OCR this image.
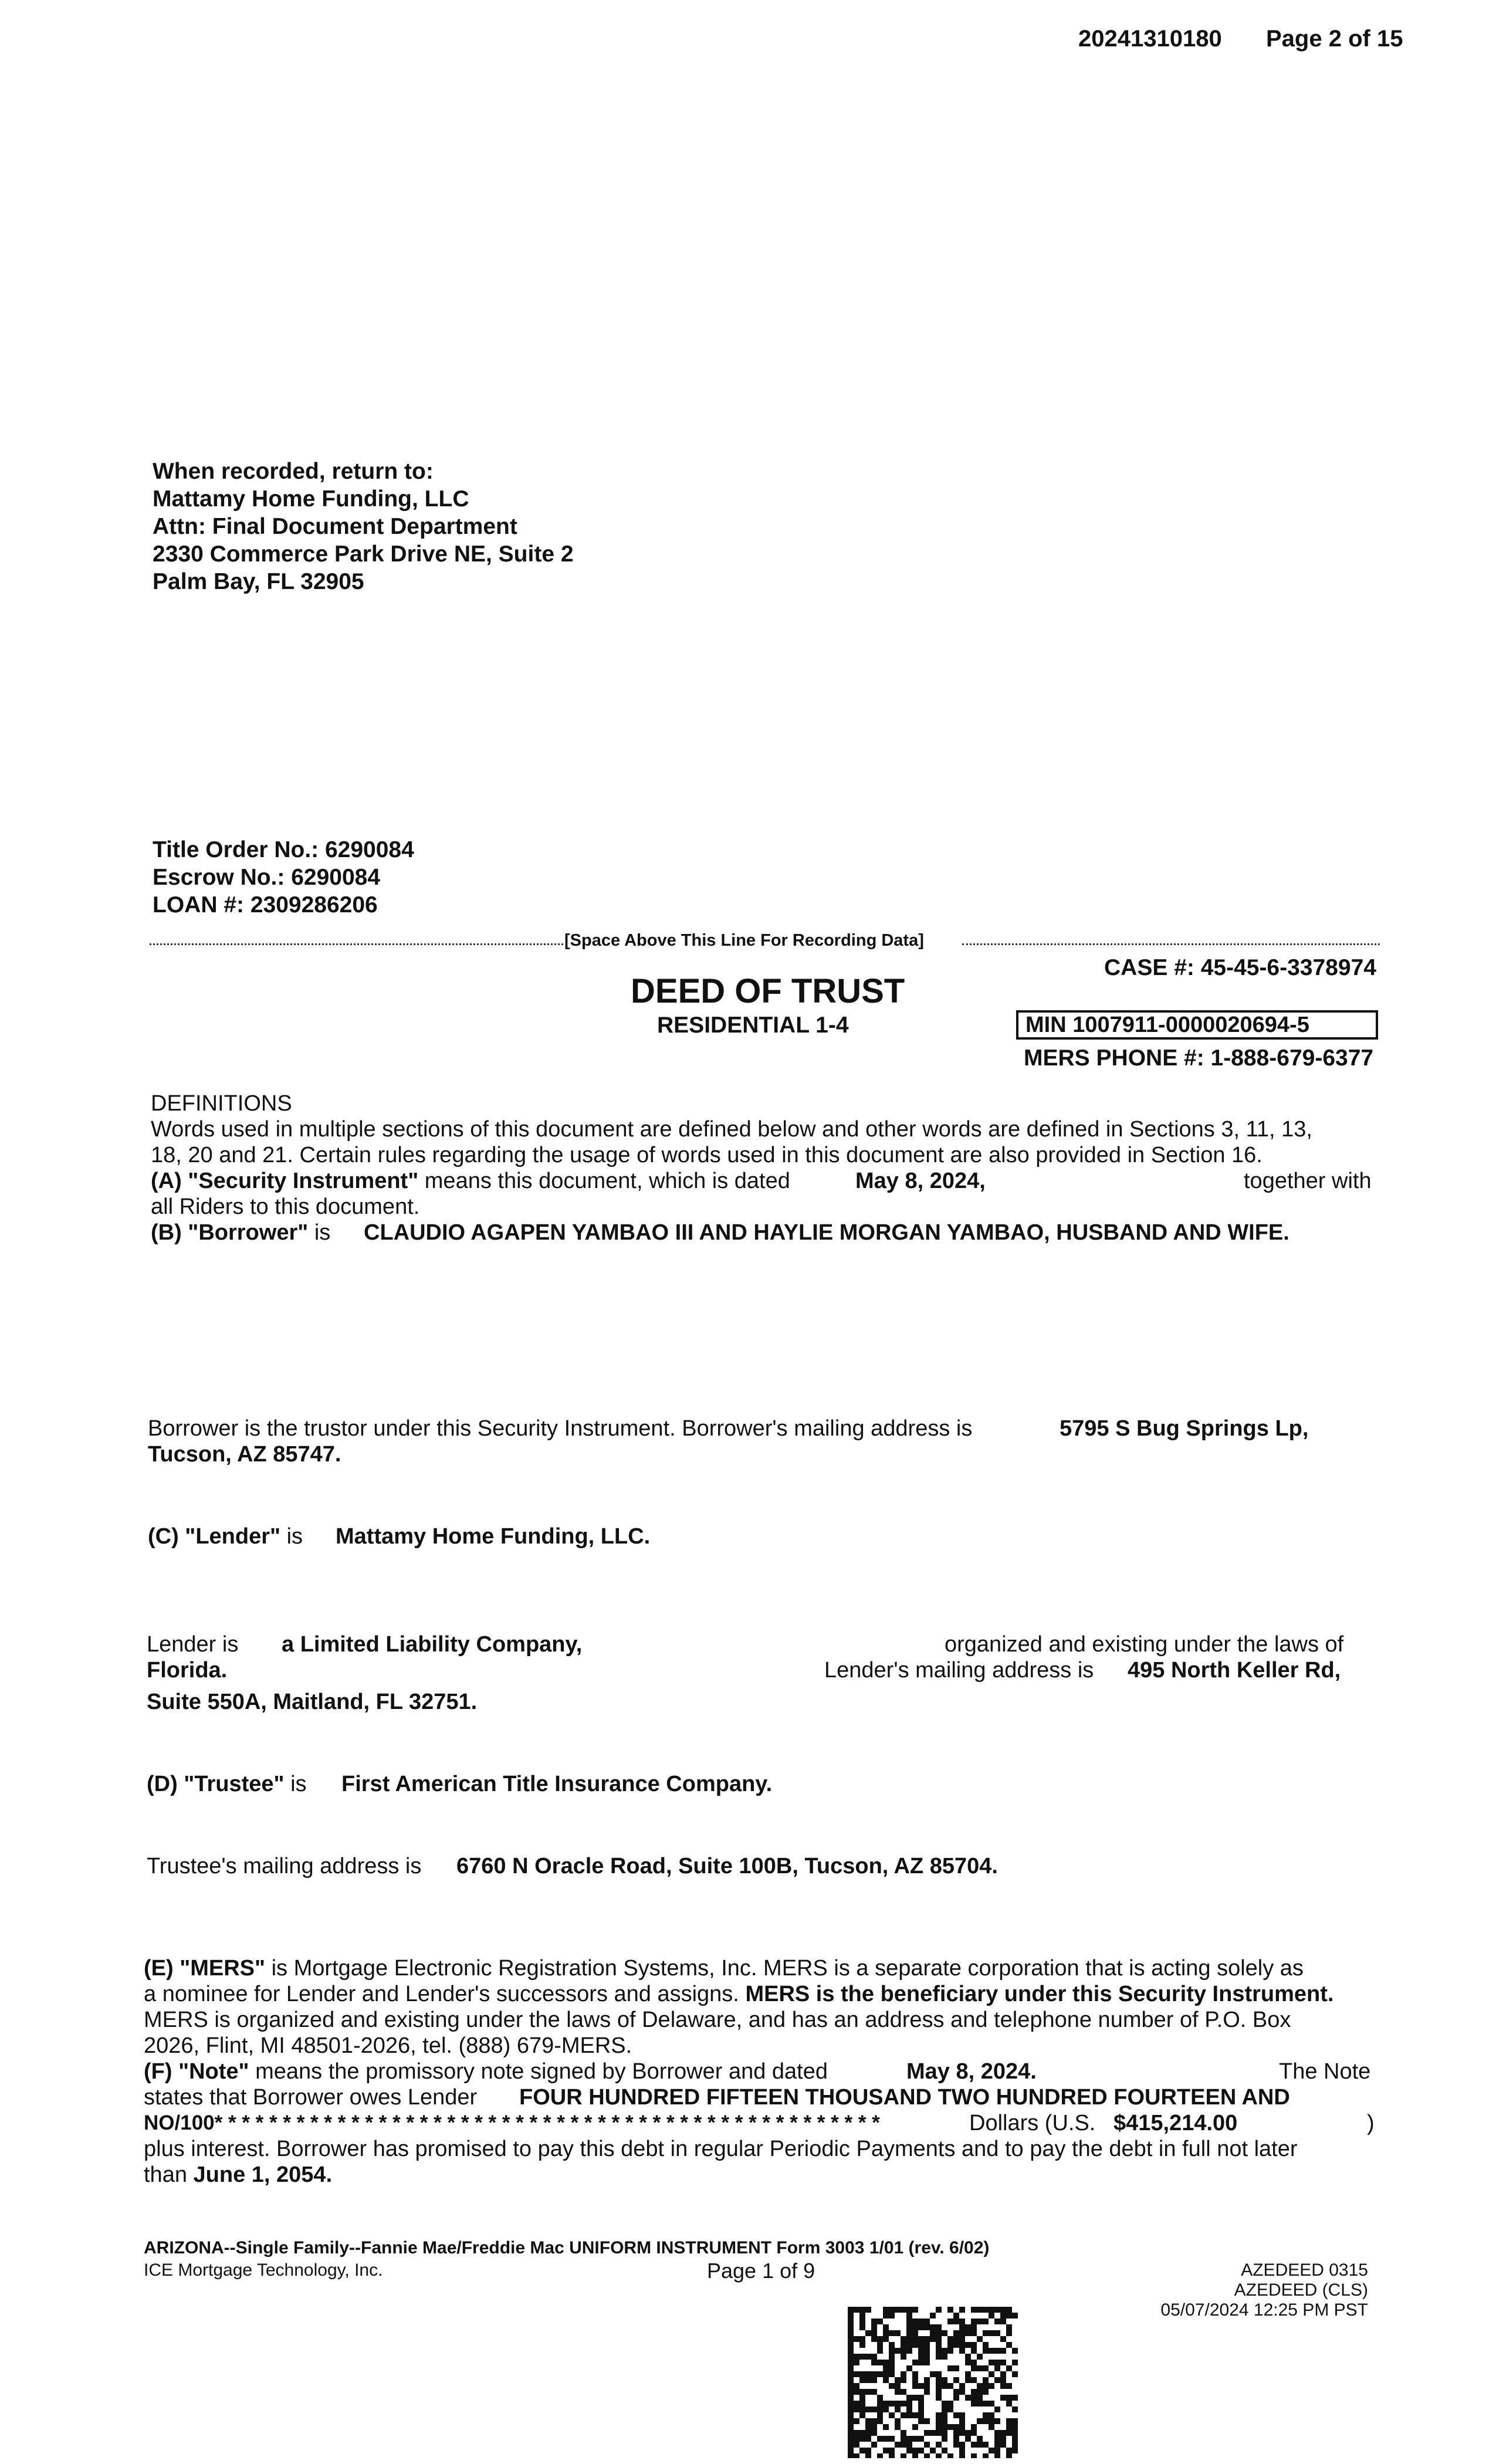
20241310180 Page 2 of 15
When recorded, return to:
Mattamy Home Funding, LLC
Attn: Final Document Department
2330 Commerce Park Drive NE, Suite 2
Palm Bay, FL 32905
Title Order No.: 6290084
Escrow No.: 6290084
LOAN #: 2309286206
[Space Above This Line For Recording Data]
CASE #: 45-45-6-3378974
DEED OF TRUST
RESIDENTIAL 1-4	MIN 1007911-0000020694-5
MERS PHONE #: 1-888-679-6377
DEFINITIONS
Words used in multiple sections of this document are defined below and other words are defined in Sections 3, 11, 13,
18, 20 and 21. Certain rules regarding the usage of words used in this document are also provided in Section 16.
(A) "Security Instrument" means this document, which is dated	May 8, 2024,	together with
all Riders to this document.
(B) "Borrower" is CLAUDIO AGAPEN YAMBAO III AND HAYLIE MORGAN YAMBAO, HUSBAND AND WIFE.
Borrower is the trustor under this Security Instrument. Borrower's mailing address is	5795 S Bug Springs Lp,
Tucson, AZ 85747.
(C) "Lender" is Mattamy Home Funding, LLC.
Lender is a Limited Liability Company,	organized and existing under the laws of
Florida.	Lender's mailing address is 495 North Keller Rd,
Suite 550A, Maitland, FL 32751.
(D) "Trustee" is First American Title Insurance Company.
Trustee's mailing address is 6760 N Oracle Road, Suite 100B, Tucson, AZ 85704.
(E) "MERS" is Mortgage Electronic Registration Systems, Inc. MERS is a separate corporation that is acting solely as
a nominee for Lender and Lender's successors and assigns. MERS is the beneficiary under this Security Instrument.
MERS is organized and existing under the laws of Delaware, and has an address and telephone number of P.O. Box
2026, Flint, MI 48501-2026, tel. (888) 679-MERS.
(F) "Note" means the promissory note signed by Borrower and dated	May 8, 2024.	The Note
states that Borrower owes Lender FOUR HUNDRED FIFTEEN THOUSAND TWO HUNDRED FOURTEEN AND
NO/100* * * * * * * * * * * * * * * * * * * * * * * * * * * * * * * * * * * * * * * * * * * * * * * * *	Dollars (U.S. $415,214.00	)
plus interest. Borrower has promised to pay this debt in regular Periodic Payments and to pay the debt in full not later
than June 1, 2054.
ARIZONA--Single Family--Fannie Mae/Freddie Mac UNIFORM INSTRUMENT Form 3003 1/01 (rev. 6/02)
ICE Mortgage Technology, Inc.	Page 1 of 9	AZEDEED 0315
AZEDEED (CLS)
05/07/2024 12:25 PM PST
